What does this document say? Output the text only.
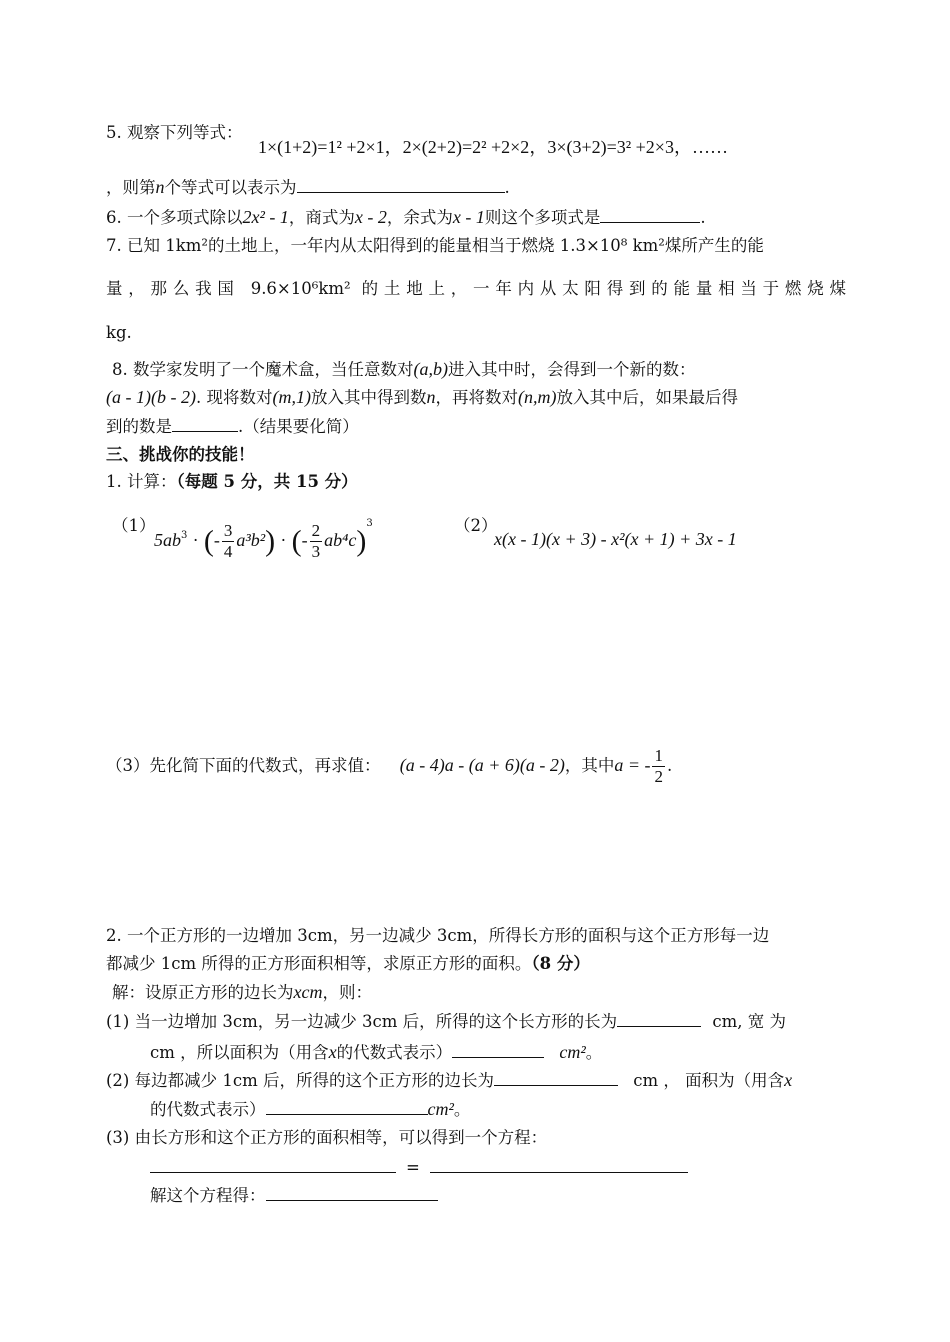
5. 观察下列等式：
1×(1+2)=1² +2×1，2×(2+2)=2² +2×2，3×(3+2)=3² +2×3，……
，则第n个等式可以表示为	.
6. 一个多项式除以2x² - 1，商式为x - 2，余式为x - 1则这个多项式是	.
7. 已知 1km²的土地上，一年内从太阳得到的能量相当于燃烧 1.3×10⁸ km²煤所产生的能
量，那么我国 9.6×10⁶km² 的土地上，一年内从太阳得到的能量相当于燃烧煤
kg.
8. 数学家发明了一个魔术盒，当任意数对(a,b)进入其中时，会得到一个新的数：
(a - 1)(b - 2). 现将数对(m,1)放入其中得到数n，再将数对(n,m)放入其中后，如果最后得
到的数是	.（结果要化简）
三、挑战你的技能！
1. 计算：（每题 5 分，共 15 分）
（1）
$5ab^3$ · (- $\frac{3}{4} a^3b^2$) · (- $\frac{2}{3} ab^4c)^3$	（2）
x(x - 1)(x + 3) - x²(x + 1) + 3x - 1
（3）先化简下面的代数式，再求值： (a - 4)a - (a + 6)(a - 2)，其中a = - $\frac{1}{2}$ .
2. 一个正方形的一边增加 3cm，另一边减少 3cm，所得长方形的面积与这个正方形每一边
都减少 1cm 所得的正方形面积相等，求原正方形的面积。（8 分）
解：设原正方形的边长为xcm，则：
(1) 当一边增加 3cm，另一边减少 3cm 后，所得的这个长方形的长为	cm, 宽 为
cm ，所以面积为（用含x的代数式表示）	cm²。
(2) 每边都减少 1cm 后，所得的这个正方形的边长为	cm ， 面积为（用含x
的代数式表示）	cm²。
(3) 由长方形和这个正方形的面积相等，可以得到一个方程：
=
解这个方程得：
